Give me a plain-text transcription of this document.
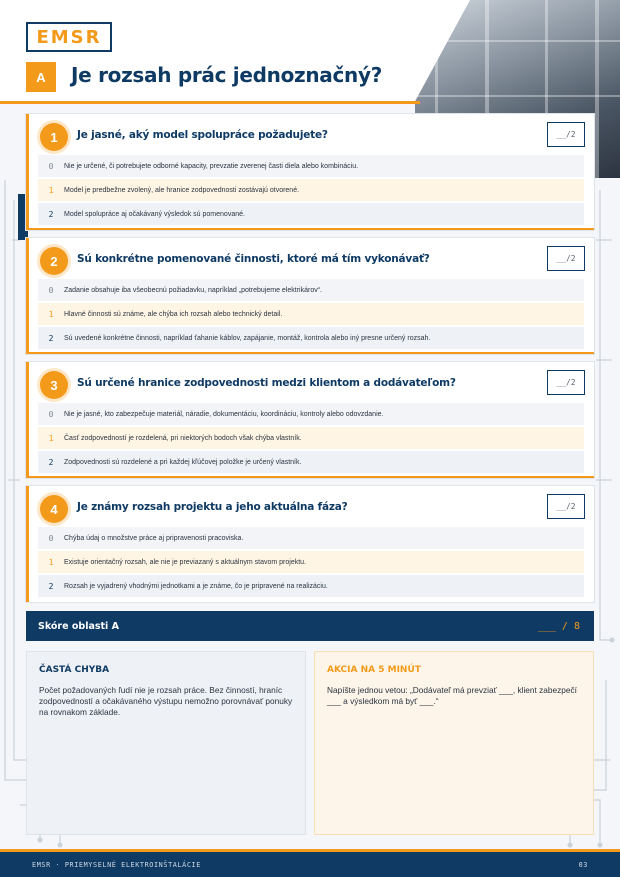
EMSR
A	Je rozsah prác jednoznačný?
1	Je jasné, aký model spolupráce požadujete?	__/2
0	Nie je určené, či potrebujete odborné kapacity, prevzatie zverenej časti diela alebo kombináciu.
1	Model je predbežne zvolený, ale hranice zodpovednosti zostávajú otvorené.
2	Model spolupráce aj očakávaný výsledok sú pomenované.
2	Sú konkrétne pomenované činnosti, ktoré má tím vykonávať?	__/2
0	Zadanie obsahuje iba všeobecnú požiadavku, napríklad „potrebujeme elektrikárov“.
1	Hlavné činnosti sú známe, ale chýba ich rozsah alebo technický detail.
2	Sú uvedené konkrétne činnosti, napríklad ťahanie káblov, zapájanie, montáž, kontrola alebo iný presne určený rozsah.
3	Sú určené hranice zodpovednosti medzi klientom a dodávateľom?	__/2
0	Nie je jasné, kto zabezpečuje materiál, náradie, dokumentáciu, koordináciu, kontroly alebo odovzdanie.
1	Časť zodpovedností je rozdelená, pri niektorých bodoch však chýba vlastník.
2	Zodpovednosti sú rozdelené a pri každej kľúčovej položke je určený vlastník.
4	Je známy rozsah projektu a jeho aktuálna fáza?	__/2
0	Chýba údaj o množstve práce aj pripravenosti pracoviska.
1	Existuje orientačný rozsah, ale nie je previazaný s aktuálnym stavom projektu.
2	Rozsah je vyjadrený vhodnými jednotkami a je známe, čo je pripravené na realizáciu.
Skóre oblasti A	___ / 8
ČASTÁ CHYBA
Počet požadovaných ľudí nie je rozsah práce. Bez činností, hraníc zodpovedností a očakávaného výstupu nemožno porovnávať ponuky na rovnakom základe.
AKCIA NA 5 MINÚT
Napíšte jednou vetou: „Dodávateľ má prevziať ___, klient zabezpečí ___ a výsledkom má byť ___.“
EMSR · PRIEMYSELNÉ ELEKTROINŠTALÁCIE	03
